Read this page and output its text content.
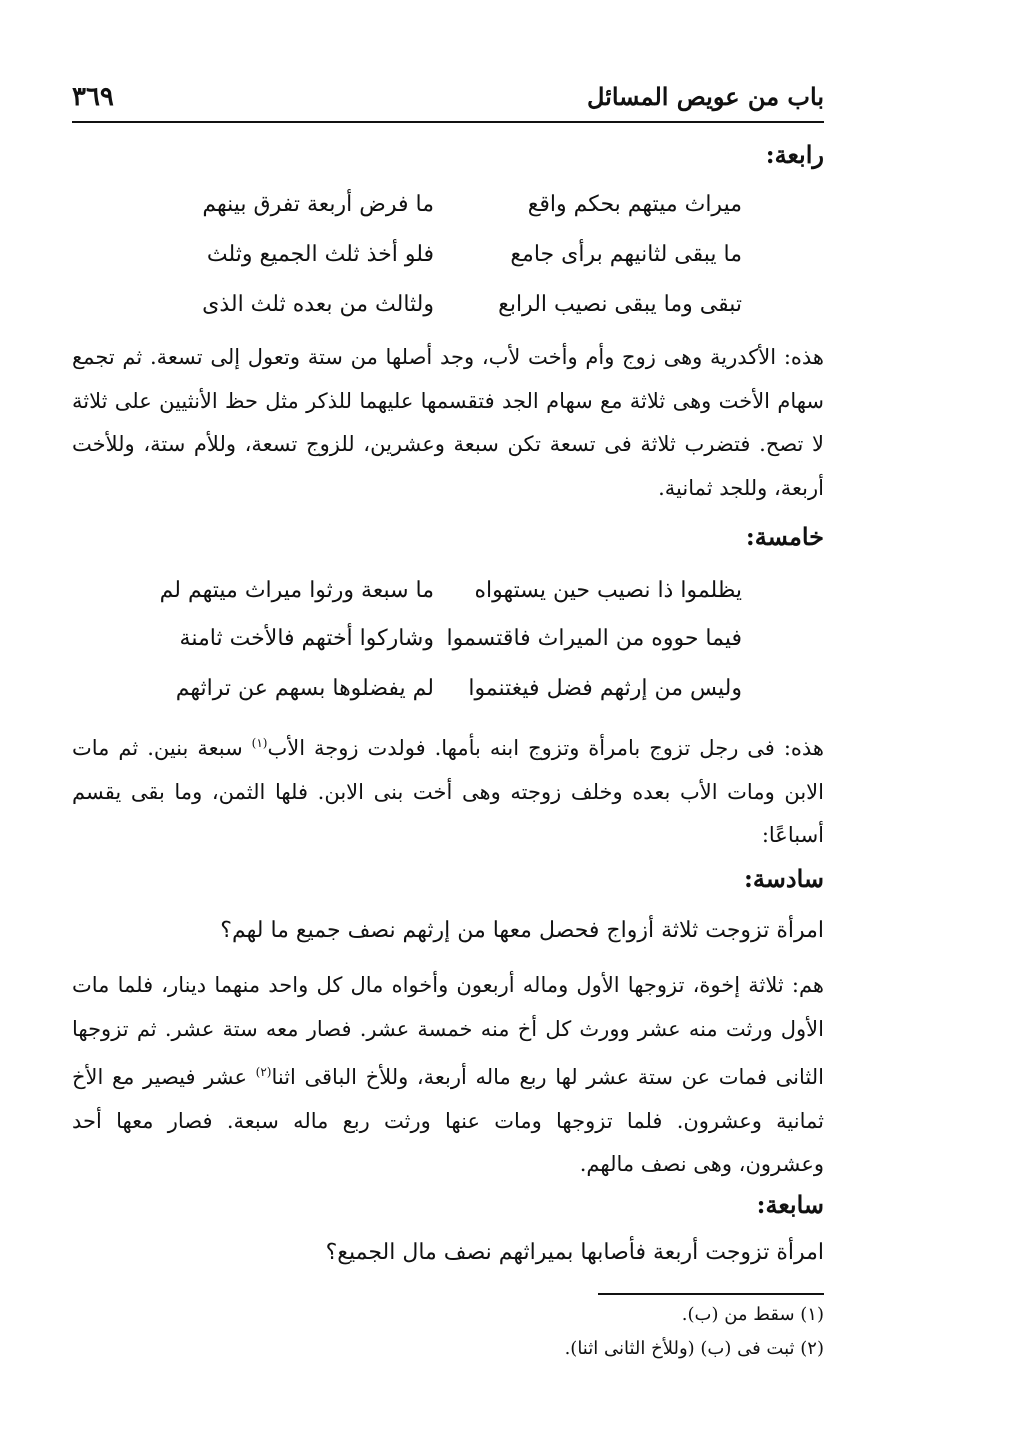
باب من عويص المسائل
٣٦٩
رابعة:
ما فرض أربعة تفرق بينهم	ميراث ميتهم بحكم واقع
فلو أخذ ثلث الجميع وثلث	ما يبقى لثانيهم برأى جامع
ولثالث من بعده ثلث الذى	تبقى وما يبقى نصيب الرابع
هذه: الأكدرية وهى زوج وأم وأخت لأب، وجد أصلها من ستة وتعول إلى تسعة. ثم تجمع سهام الأخت وهى ثلاثة مع سهام الجد فتقسمها عليهما للذكر مثل حظ الأنثيين على ثلاثة لا تصح. فتضرب ثلاثة فى تسعة تكن سبعة وعشرين، للزوج تسعة، وللأم ستة، وللأخت أربعة، وللجد ثمانية.
خامسة:
ما سبعة ورثوا ميراث ميتهم لم يظلموا ذا نصيب حين يستهواه
وشاركوا أختهم فالأخت ثامنة فيما حووه من الميراث فاقتسموا
لم يفضلوها بسهم عن تراثهم وليس من إرثهم فضل فيغتنموا
هذه: فى رجل تزوج بامرأة وتزوج ابنه بأمها. فولدت زوجة الأب$^{(١)}$ سبعة بنين. ثم مات الابن ومات الأب بعده وخلف زوجته وهى أخت بنى الابن. فلها الثمن، وما بقى يقسم أسباعًا:
سادسة:
امرأة تزوجت ثلاثة أزواج فحصل معها من إرثهم نصف جميع ما لهم؟
هم: ثلاثة إخوة، تزوجها الأول وماله أربعون وأخواه مال كل واحد منهما دينار، فلما مات الأول ورثت منه عشر وورث كل أخ منه خمسة عشر. فصار معه ستة عشر. ثم تزوجها الثانى فمات عن ستة عشر لها ربع ماله أربعة، وللأخ الباقى اثنا$^{(٢)}$ عشر فيصير مع الأخ ثمانية وعشرون. فلما تزوجها ومات عنها ورثت ربع ماله سبعة. فصار معها أحد وعشرون، وهى نصف مالهم.
سابعة:
امرأة تزوجت أربعة فأصابها بميراثهم نصف مال الجميع؟
(١) سقط من (ب).
(٢) ثبت فى (ب) (وللأخ الثانى اثنا).
